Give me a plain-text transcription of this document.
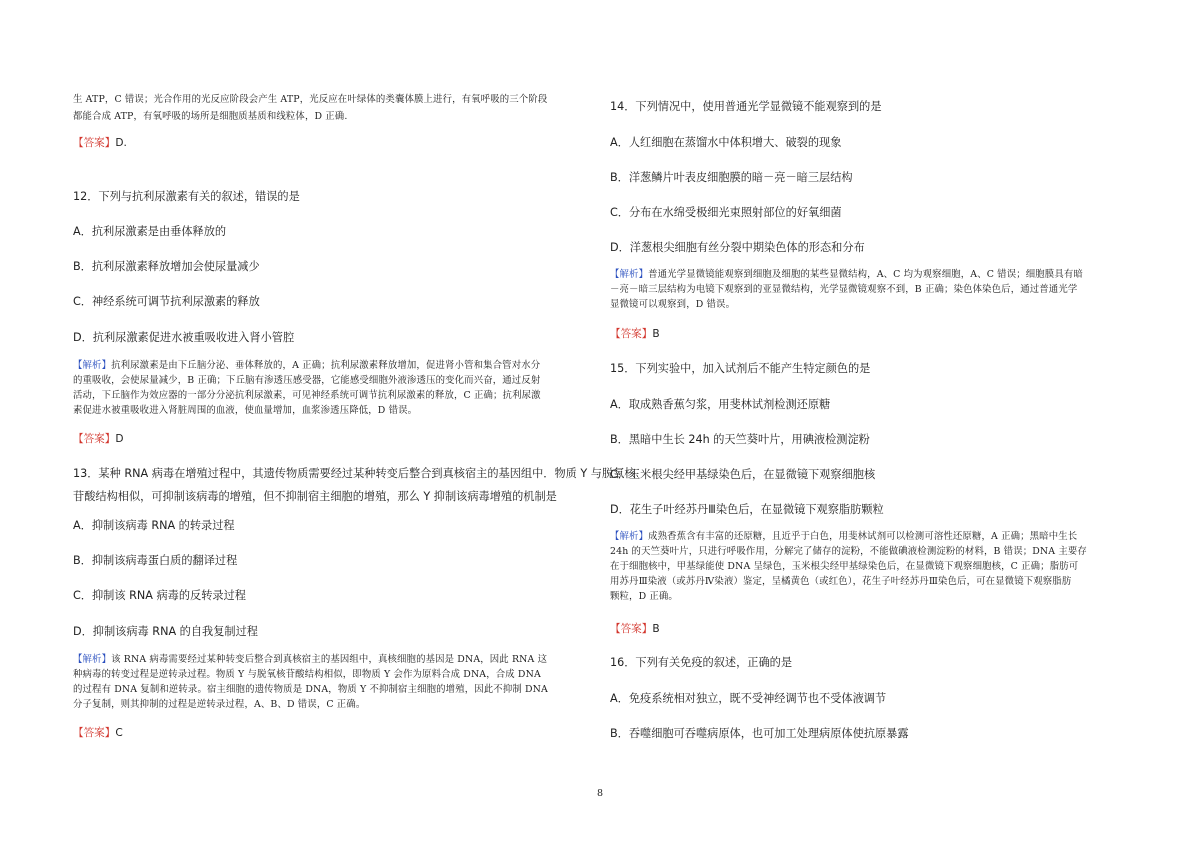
生 ATP，C 错误；光合作用的光反应阶段会产生 ATP，光反应在叶绿体的类囊体膜上进行，有氧呼吸的三个阶段
都能合成 ATP，有氧呼吸的场所是细胞质基质和线粒体，D 正确.
【答案】D.
12．下列与抗利尿激素有关的叙述，错误的是
A．抗利尿激素是由垂体释放的
B．抗利尿激素释放增加会使尿量减少
C．神经系统可调节抗利尿激素的释放
D．抗利尿激素促进水被重吸收进入肾小管腔
【解析】抗利尿激素是由下丘脑分泌、垂体释放的，A 正确；抗利尿激素释放增加，促进肾小管和集合管对水分
的重吸收，会使尿量减少，B 正确；下丘脑有渗透压感受器，它能感受细胞外液渗透压的变化而兴奋，通过反射
活动，下丘脑作为效应器的一部分分泌抗利尿激素，可见神经系统可调节抗利尿激素的释放，C 正确；抗利尿激
素促进水被重吸收进入肾脏周围的血液，使血量增加，血浆渗透压降低，D 错误。
【答案】D
13．某种 RNA 病毒在增殖过程中，其遗传物质需要经过某种转变后整合到真核宿主的基因组中．物质 Y 与脱氧核
苷酸结构相似，可抑制该病毒的增殖，但不抑制宿主细胞的增殖，那么 Y 抑制该病毒增殖的机制是
A．抑制该病毒 RNA 的转录过程
B．抑制该病毒蛋白质的翻译过程
C．抑制该 RNA 病毒的反转录过程
D．抑制该病毒 RNA 的自我复制过程
【解析】该 RNA 病毒需要经过某种转变后整合到真核宿主的基因组中，真核细胞的基因是 DNA，因此 RNA 这
种病毒的转变过程是逆转录过程。物质 Y 与脱氧核苷酸结构相似，即物质 Y 会作为原料合成 DNA，合成 DNA
的过程有 DNA 复制和逆转录。宿主细胞的遗传物质是 DNA，物质 Y 不抑制宿主细胞的增殖，因此不抑制 DNA
分子复制，则其抑制的过程是逆转录过程，A、B、D 错误，C 正确。
【答案】C
14．下列情况中，使用普通光学显微镜不能观察到的是
A．人红细胞在蒸馏水中体积增大、破裂的现象
B．洋葱鳞片叶表皮细胞膜的暗－亮－暗三层结构
C．分布在水绵受极细光束照射部位的好氧细菌
D．洋葱根尖细胞有丝分裂中期染色体的形态和分布
【解析】普通光学显微镜能观察到细胞及细胞的某些显微结构，A、C 均为观察细胞，A、C 错误；细胞膜具有暗
－亮－暗三层结构为电镜下观察到的亚显微结构，光学显微镜观察不到，B 正确；染色体染色后，通过普通光学
显微镜可以观察到，D 错误。
【答案】B
15．下列实验中，加入试剂后不能产生特定颜色的是
A．取成熟香蕉匀浆，用斐林试剂检测还原糖
B．黑暗中生长 24h 的天竺葵叶片，用碘液检测淀粉
C．玉米根尖经甲基绿染色后，在显微镜下观察细胞核
D．花生子叶经苏丹Ⅲ染色后，在显微镜下观察脂肪颗粒
【解析】成熟香蕉含有丰富的还原糖，且近乎于白色，用斐林试剂可以检测可溶性还原糖，A 正确；黑暗中生长
24h 的天竺葵叶片，只进行呼吸作用，分解完了储存的淀粉，不能做碘液检测淀粉的材料，B 错误；DNA 主要存
在于细胞核中，甲基绿能使 DNA 呈绿色，玉米根尖经甲基绿染色后，在显微镜下观察细胞核，C 正确；脂肪可
用苏丹Ⅲ染液（或苏丹Ⅳ染液）鉴定，呈橘黄色（或红色），花生子叶经苏丹Ⅲ染色后，可在显微镜下观察脂肪
颗粒，D 正确。
【答案】B
16．下列有关免疫的叙述，正确的是
A．免疫系统相对独立，既不受神经调节也不受体液调节
B．吞噬细胞可吞噬病原体，也可加工处理病原体使抗原暴露
8
